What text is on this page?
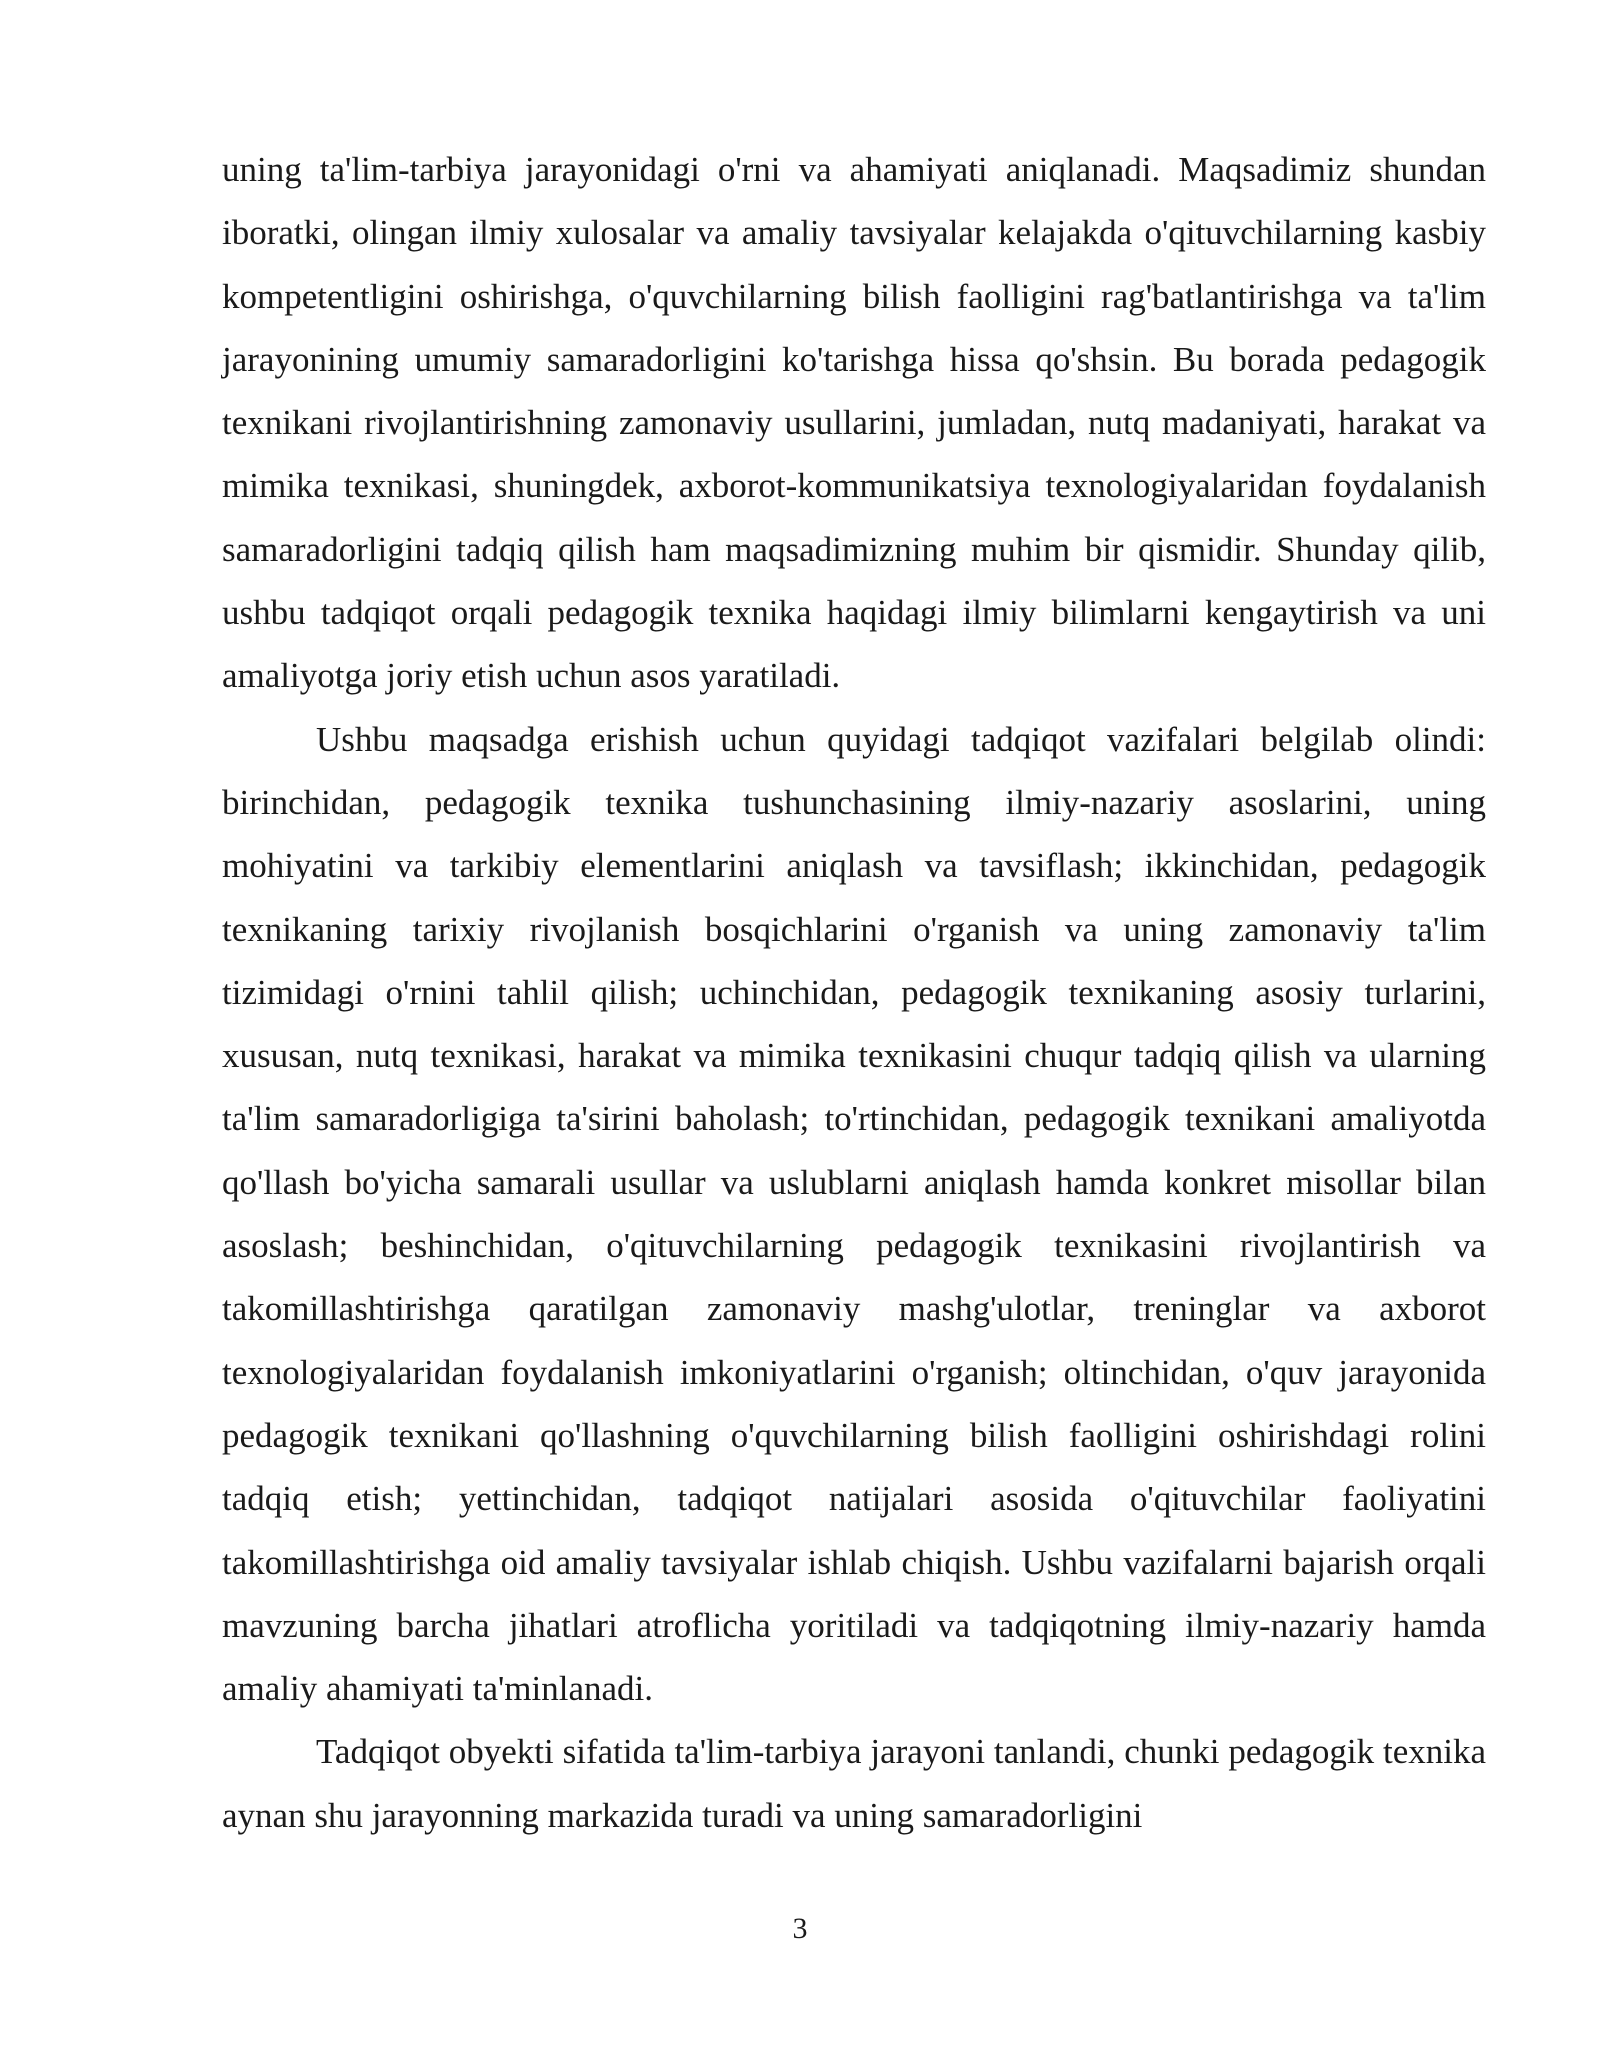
uning ta'lim-tarbiya jarayonidagi o'rni va ahamiyati aniqlanadi. Maqsadimiz shundan iboratki, olingan ilmiy xulosalar va amaliy tavsiyalar kelajakda o'qituvchilarning kasbiy kompetentligini oshirishga, o'quvchilarning bilish faolligini rag'batlantirishga va ta'lim jarayonining umumiy samaradorligini ko'tarishga hissa qo'shsin. Bu borada pedagogik texnikani rivojlantirishning zamonaviy usullarini, jumladan, nutq madaniyati, harakat va mimika texnikasi, shuningdek, axborot-kommunikatsiya texnologiyalaridan foydalanish samaradorligini tadqiq qilish ham maqsadimizning muhim bir qismidir. Shunday qilib, ushbu tadqiqot orqali pedagogik texnika haqidagi ilmiy bilimlarni kengaytirish va uni amaliyotga joriy etish uchun asos yaratiladi.

Ushbu maqsadga erishish uchun quyidagi tadqiqot vazifalari belgilab olindi: birinchidan, pedagogik texnika tushunchasining ilmiy-nazariy asoslarini, uning mohiyatini va tarkibiy elementlarini aniqlash va tavsiflash; ikkinchidan, pedagogik texnikaning tarixiy rivojlanish bosqichlarini o'rganish va uning zamonaviy ta'lim tizimidagi o'rnini tahlil qilish; uchinchidan, pedagogik texnikaning asosiy turlarini, xususan, nutq texnikasi, harakat va mimika texnikasini chuqur tadqiq qilish va ularning ta'lim samaradorligiga ta'sirini baholash; to'rtinchidan, pedagogik texnikani amaliyotda qo'llash bo'yicha samarali usullar va uslublarni aniqlash hamda konkret misollar bilan asoslash; beshinchidan, o'qituvchilarning pedagogik texnikasini rivojlantirish va takomillashtirishga qaratilgan zamonaviy mashg'ulotlar, treninglar va axborot texnologiyalaridan foydalanish imkoniyatlarini o'rganish; oltinchidan, o'quv jarayonida pedagogik texnikani qo'llashning o'quvchilarning bilish faolligini oshirishdagi rolini tadqiq etish; yettinchidan, tadqiqot natijalari asosida o'qituvchilar faoliyatini takomillashtirishga oid amaliy tavsiyalar ishlab chiqish. Ushbu vazifalarni bajarish orqali mavzuning barcha jihatlari atroflicha yoritiladi va tadqiqotning ilmiy-nazariy hamda amaliy ahamiyati ta'minlanadi.

Tadqiqot obyekti sifatida ta'lim-tarbiya jarayoni tanlandi, chunki pedagogik texnika aynan shu jarayonning markazida turadi va uning samaradorligini

3
